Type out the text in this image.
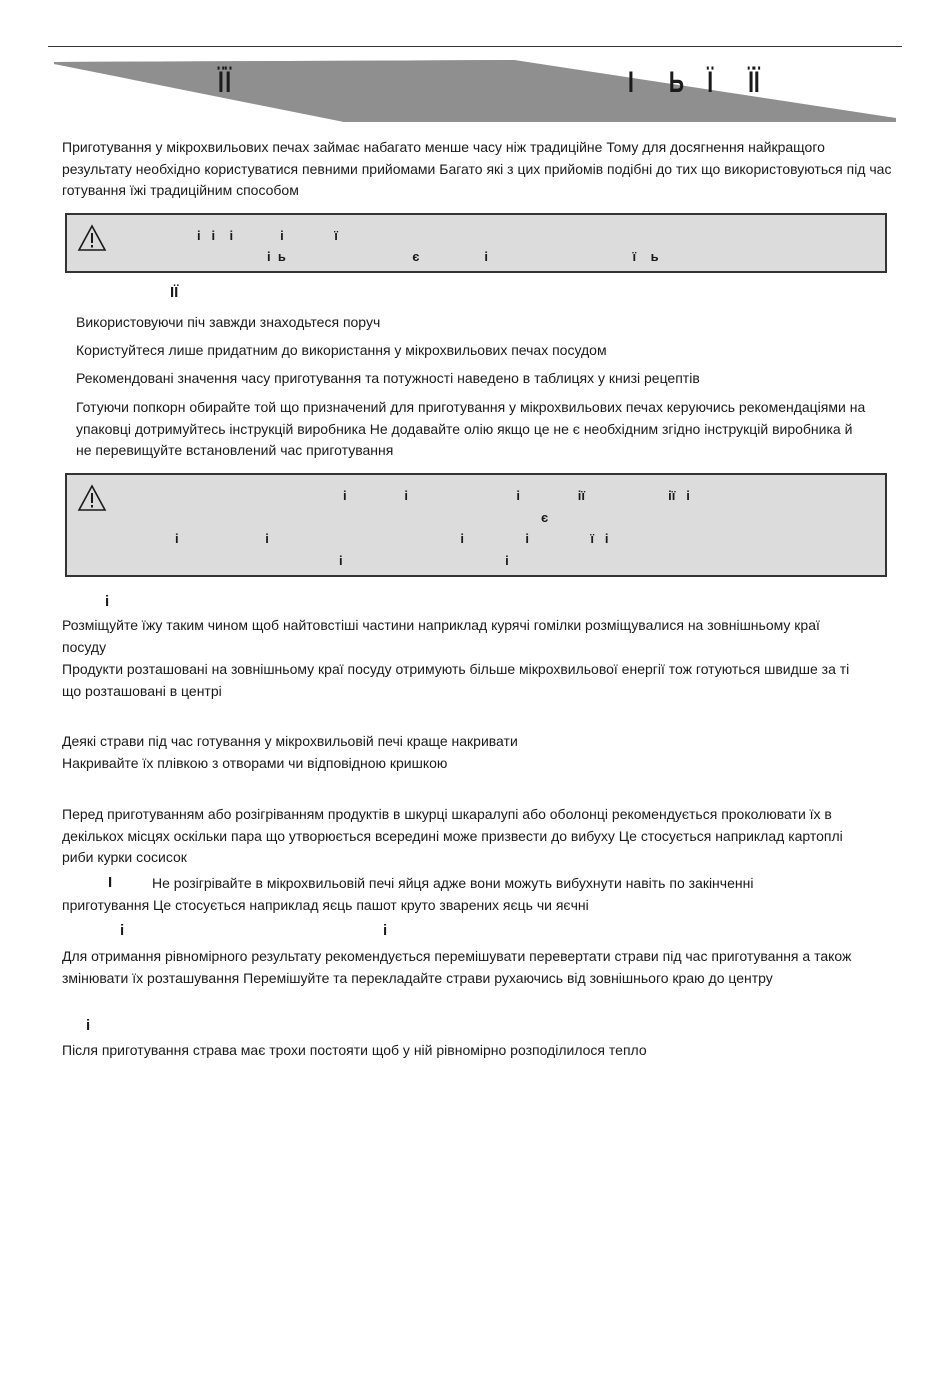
ЇЇ	І      Ь    Ї      ЇЇ

Приготування у мікрохвильових печах займає набагато менше часу ніж традиційне Тому для досягнення найкращого результату необхідно користуватися певними прийомами Багато які з цих прийомів подібні до тих що використовуються під час готування їжі традиційним способом

і   і    і             і              ї
і  ь                                   є                  і                                        ї    ь
ІЇ

Використовуючи піч завжди знаходьтеся поруч

Користуйтеся лише придатним до використання у мікрохвильових печах посудом

Рекомендовані значення часу приготування та потужності наведено в таблицях у книзі рецептів

Готуючи попкорн обирайте той що призначений для приготування у мікрохвильових печах керуючись рекомендаціями на упаковці дотримуйтесь інструкцій виробника Не додавайте олію якщо це не є необхідним згідно інструкцій виробника й не перевищуйте встановлений час приготування

і                і                              і                ії                       ії   і
є
і                        і                                                     і                 і                 ї   і
і                                             і
і

Розміщуйте їжу таким чином щоб найтовстіші частини наприклад курячі гомілки розміщувалися на зовнішньому краї посуду

Продукти розташовані на зовнішньому краї посуду отримують більше мікрохвильової енергії тож готуються швидше за ті що розташовані в центрі

Деякі страви під час готування у мікрохвильовій печі краще накривати

Накривайте їх плівкою з отворами чи відповідною кришкою

Перед приготуванням або розігріванням продуктів в шкурці шкаралупі або оболонці рекомендується проколювати їх в декількох місцях оскільки пара що утворюється всередині може призвести до вибуху Це стосується наприклад картоплі риби курки сосисок

І	Не розігрівайте в мікрохвильовій печі яйця адже вони можуть вибухнути навіть по закінченні

приготування Це стосується наприклад яєць пашот круто зварених яєць чи яєчні

і	і

Для отримання рівномірного результату рекомендується перемішувати перевертати страви під час приготування а також змінювати їх розташування Перемішуйте та перекладайте страви рухаючись від зовнішнього краю до центру

і

Після приготування страва має трохи постояти щоб у ній рівномірно розподілилося тепло
